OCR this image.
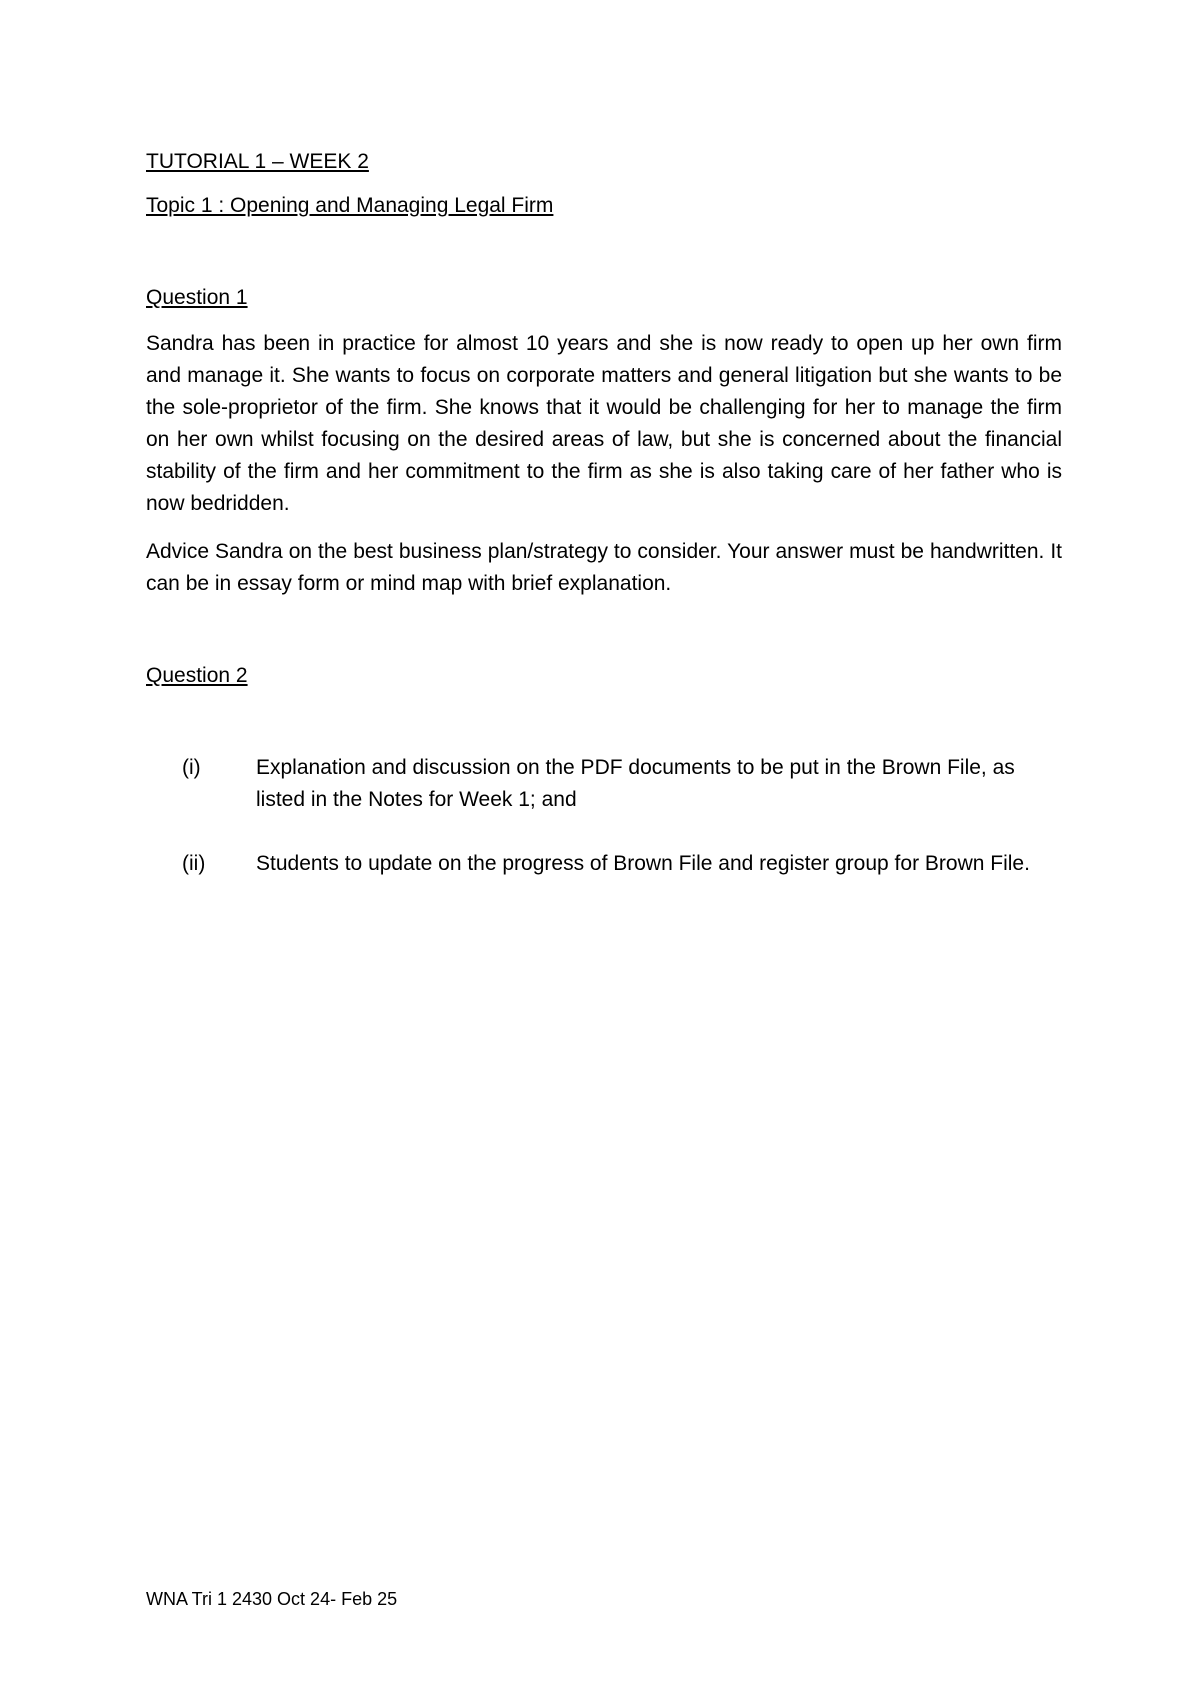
TUTORIAL 1 – WEEK 2
Topic 1 : Opening and Managing Legal Firm
Question 1

Sandra has been in practice for almost 10 years and she is now ready to open up her own firm and manage it. She wants to focus on corporate matters and general litigation but she wants to be the sole-proprietor of the firm. She knows that it would be challenging for her to manage the firm on her own whilst focusing on the desired areas of law, but she is concerned about the financial stability of the firm and her commitment to the firm as she is also taking care of her father who is now bedridden.

Advice Sandra on the best business plan/strategy to consider. Your answer must be handwritten. It can be in essay form or mind map with brief explanation.

Question 2
(i)	Explanation and discussion on the PDF documents to be put in the Brown File, as listed in the Notes for Week 1; and
(ii)	Students to update on the progress of Brown File and register group for Brown File.
WNA Tri 1 2430 Oct 24- Feb 25
